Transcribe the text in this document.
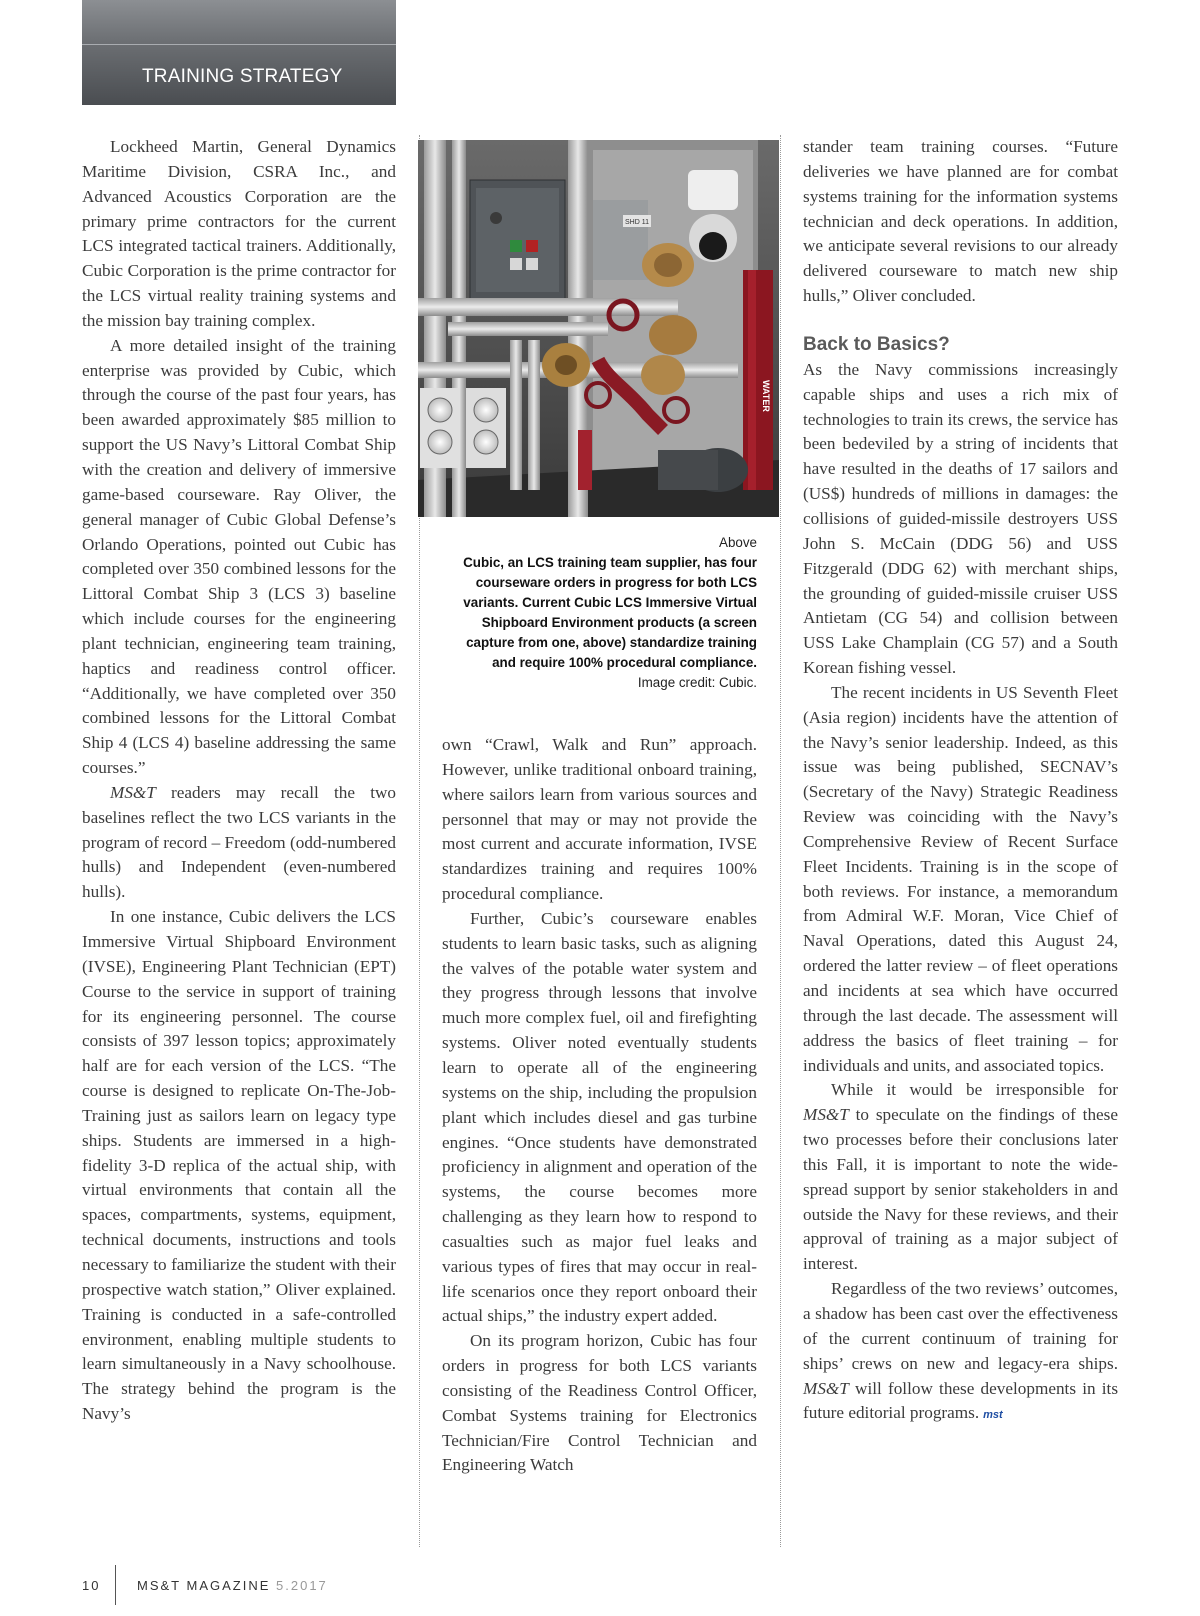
TRAINING STRATEGY

Lockheed Martin, General Dynamics Maritime Division, CSRA Inc., and Advanced Acoustics Corporation are the primary prime contractors for the current LCS integrated tactical trainers. Additionally, Cubic Corporation is the prime contractor for the LCS virtual reality training systems and the mission bay training complex.

A more detailed insight of the training enterprise was provided by Cubic, which through the course of the past four years, has been awarded approximately $85 million to support the US Navy’s Littoral Combat Ship with the creation and delivery of immersive game-based courseware. Ray Oliver, the general manager of Cubic Global Defense’s Orlando Operations, pointed out Cubic has completed over 350 combined lessons for the Littoral Combat Ship 3 (LCS 3) baseline which include courses for the engineering plant technician, engineering team training, haptics and readiness control officer. “Additionally, we have completed over 350 combined lessons for the Littoral Combat Ship 4 (LCS 4) baseline addressing the same courses.”

MS&T readers may recall the two baselines reflect the two LCS variants in the program of record – Freedom (odd-numbered hulls) and Independent (even-numbered hulls).

In one instance, Cubic delivers the LCS Immersive Virtual Shipboard Environment (IVSE), Engineering Plant Technician (EPT) Course to the service in support of training for its engineering personnel. The course consists of 397 lesson topics; approximately half are for each version of the LCS. “The course is designed to replicate On-The-Job-Training just as sailors learn on legacy type ships. Students are immersed in a high-fidelity 3-D replica of the actual ship, with virtual environments that contain all the spaces, compartments, systems, equipment, technical documents, instructions and tools necessary to familiarize the student with their prospective watch station,” Oliver explained. Training is conducted in a safe-controlled environment, enabling multiple students to learn simultaneously in a Navy schoolhouse. The strategy behind the program is the Navy’s

SHD 11
WATER
Above
Cubic, an LCS training team supplier, has four courseware orders in progress for both LCS variants. Current Cubic LCS Immersive Virtual Shipboard Environment products (a screen capture from one, above) standardize training and require 100% procedural compliance.
Image credit: Cubic.

own “Crawl, Walk and Run” approach. However, unlike traditional onboard training, where sailors learn from various sources and personnel that may or may not provide the most current and accurate information, IVSE standardizes training and requires 100% procedural compliance.

Further, Cubic’s courseware enables students to learn basic tasks, such as aligning the valves of the potable water system and they progress through lessons that involve much more complex fuel, oil and firefighting systems. Oliver noted eventually students learn to operate all of the engineering systems on the ship, including the propulsion plant which includes diesel and gas turbine engines. “Once students have demonstrated proficiency in alignment and operation of the systems, the course becomes more challenging as they learn how to respond to casualties such as major fuel leaks and various types of fires that may occur in real-life scenarios once they report onboard their actual ships,” the industry expert added.

On its program horizon, Cubic has four orders in progress for both LCS variants consisting of the Readiness Control Officer, Combat Systems training for Electronics Technician/Fire Control Technician and Engineering Watch

stander team training courses. “Future deliveries we have planned are for combat systems training for the information systems technician and deck operations. In addition, we anticipate several revisions to our already delivered courseware to match new ship hulls,” Oliver concluded.

Back to Basics?

As the Navy commissions increasingly capable ships and uses a rich mix of technologies to train its crews, the service has been bedeviled by a string of incidents that have resulted in the deaths of 17 sailors and (US$) hundreds of millions in damages: the collisions of guided-missile destroyers USS John S. McCain (DDG 56) and USS Fitzgerald (DDG 62) with merchant ships, the grounding of guided-missile cruiser USS Antietam (CG 54) and collision between USS Lake Champlain (CG 57) and a South Korean fishing vessel.

The recent incidents in US Seventh Fleet (Asia region) incidents have the attention of the Navy’s senior leadership. Indeed, as this issue was being published, SECNAV’s (Secretary of the Navy) Strategic Readiness Review was coinciding with the Navy’s Comprehensive Review of Recent Surface Fleet Incidents. Training is in the scope of both reviews. For instance, a memorandum from Admiral W.F. Moran, Vice Chief of Naval Operations, dated this August 24, ordered the latter review – of fleet operations and incidents at sea which have occurred through the last decade. The assessment will address the basics of fleet training – for individuals and units, and associated topics.

While it would be irresponsible for MS&T to speculate on the findings of these two processes before their conclusions later this Fall, it is important to note the wide-spread support by senior stakeholders in and outside the Navy for these reviews, and their approval of training as a major subject of interest.

Regardless of the two reviews’ outcomes, a shadow has been cast over the effectiveness of the current continuum of training for ships’ crews on new and legacy-era ships. MS&T will follow these developments in its future editorial programs. mst

10	MS&T MAGAZINE 5.2017
